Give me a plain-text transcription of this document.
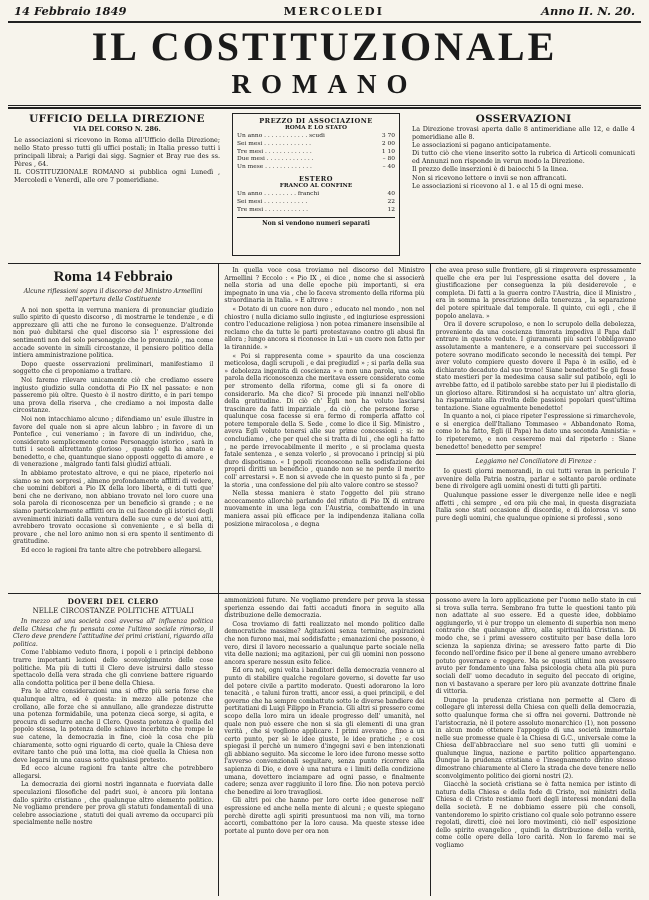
14 Febbraio 1849	MERCOLEDI	Anno II. N. 20.
IL COSTITUZIONALE
ROMANO
UFFICIO DELLA DIREZIONE
VIA DEL CORSO N. 286.

Le associazioni si ricevono in Roma all'Ufficio della Direzione; nello Stato presso tutti gli uffici postali; in Italia presso tutti i principali librai; a Parigi dai sigg. Sagnier et Bray rue des ss. Pères , 64.

IL COSTITUZIONALE ROMANO si pubblica ogni Lunedì , Mercoledì e Venerdì, alle ore 7 pomeridiane.

PREZZO DI ASSOCIAZIONE
ROMA E LO STATO
Un anno . . . . . . . . . . . . scudi	3 70
Sei mesi . . . . . . . . . . . . .	2 00
Tre mesi . . . . . . . . . . . . .	1 10
Due mesi . . . . . . . . . . . . .	– 80
Un mese . . . . . . . . . . . . .	– 40
ESTERO
FRANCO AL CONFINE
Un anno . . . . . . . . . franchi	40
Sei mesi . . . . . . . . . . . .	22
Tre mesi . . . . . . . . . . . .	12
Non si vendono numeri separati
OSSERVAZIONI

La Direzione trovasi aperta dalle 8 antimeridiane alle 12, e dalle 4 pomeridiane alle 8.

Le associazioni si pagano anticipatamente.

Di tutto ciò che viene inserito sotto la rubrica di Articoli comunicati ed Annunzi non risponde in verun modo la Direzione.

Il prezzo delle inserzioni è di baiocchi 5 la linea.

Non si ricevono lettere o invii se non affrancati.

Le associazioni si ricevono al 1. e al 15 di ogni mese.

Roma 14 Febbraio
Alcune riflessioni sopra il discorso del Ministro Armellini nell'apertura della Costituente

A noi non spetta in verruna maniera di pronunciar giudizio sullo spirito di questo discorso , di mostrarne le tendenze , e di apprezzare gli atti che ne furono le conseguenze. D'altronde non può dubitarsi che quel discorso sia l' espressione dei sentimenti non del solo personaggio che lo pronunziò , ma come accade sovente in simili circostanze, il pensiero politico della intiera amministrazione politica.

Dopo queste osservazioni preliminari, manifestiamo il soggetto che ci proponiamo a trattare.

Noi faremo rilevare unicamente ciò che crediamo essere ingiusto giudizio sulla condotta di Pio IX nel passato: e non passeremo più oltre. Questo è il nostro diritto, e in pari tempo una prova della riserva , che crediamo a noi imposta dalle circostanze.

Noi non intacchiamo alcuno ; difendiamo un' esule illustre in favore del quale non si apre alcun labbro ; in favore di un Pontefice , cui veneriamo ; in favore di un individuo, che, considerato semplicemente come Personaggio istorico , sarà in tutti i secoli altrettanto glorioso , quanto egli ha amato e benedetto, e che, quantunque siano opposti oggetto di amore , e di venerazione , malgrado tanti falsi giudizî attuali.

In abbiamo protestato altrove, e qui ne piace, ripeterlo noi siamo se non sorpresi , almeno profondamente afflitti di vedere, che uomini debitori a Pio IX della loro libertà, e di tutti que' beni che ne derivano, non abbiano trovato nel loro cuore una sola parola di riconoscenza per un beneficio sì grande ; e ne siamo particolarmente afflitti ora in cui facendo gli istorici degli avvenimenti iniziati dalla ventura delle sue cure e de' suoi atti, avrebbero trovato occasione sì conveniente , e sì bella di provare , che nel loro animo non si era spento il sentimento di gratitudine.

Ed ecco le ragioni fra tante altre che potrebbero allegarsi.

In quella voce cosa troviamo nel discorso del Ministro Armellini ? Eccolo : « Pio IX , ei dice , nome che si associerà nella storia ad una delle epoche più importanti, si era impegnato in una via , che lo faceva stromento della riforma più straordinaria in Italia. » E altrove :

« Dotato di un cuore non duro , educato nel mondo , non nel chiostro ( nulla diciamo sullo ingiuste , ed ingiuriose espressioni contro l'educazione religiosa ) non potea rimanere insensibile al reclamo che da tutte le parti protestavano contro gli abusi fin allora ; lungo ancora si riconosce in Lui » un cuore non fatto per la tirannide. »

« Poi si rappresenta come » spaurito da una coscienza meticolosa, dagli scrupoli , e dai pregiudizî » ; si parla della sua » debolezza ingenita di coscienza » e non una parola, una sola parola della riconoscenza che meritava essere considerato come per stromento della riforma, come gli si fa onore di considerarlo. Ma che dico? Si procede più innanzi nell'oblio della gratitudine. Di ciò ch' Egli non ha voluto lasciarsi trascinare da fatti imparziale , da ciò , che persone forse , qualunque cosa facesse si era fermo di romperla affatto col potere temporale della S. Sede , come lo dice il Sig. Ministro , aveva Egli voluto tenersi alle sue prime concessioni ; si: ne concludiamo , che per quel che si tratta di lui , che egli ha fatto , ne perde irrevocabilmente il merito , e si proclama questa fatale sentenza , e senza volerlo , si provocano i principj si più duro dispotismo. « I popoli riconoscono nella sodisfazione dei proprii diritti un beneficio , quando non se ne perde il merito coll' arrestarsi ». E non si avvede che in questo punto si fa , per la storia , una confessione del più alto valore contro se stesso?

Nella stessa maniera è stato l'oggetto del più strano accecamento allorchè parlando del rifiuto di Pio IX di entrare nuovamente in una lega con l'Austria, combattendo in una maniera assai più efficace per la indipendenza italiana colla posizione miracolosa , e degna

che avea preso sulle frontiere, gli si rimprovera espressamente quelle che era per lui l'espressione esatta del dovere , la giustificazione per conseguenza la più desiderevole , e completa. Di fatti a la guerra contro l'Austria, dice il Ministro , era in somma la prescrizione della tenerezza , la separazione del potere spirituale dal temporale. Il quinto, cui egli , che il popolo anelava. »

Ora il dovere scrupoloso, e non lo scrupolo della debolezza, proveniente da una coscienza timorata impediva il Papa dall' entrare in queste vedute. I giuramenti più sacri l'obbligavano assolutamente a mantenere, e a conservare pei successori il potere sovrano modificato secondo le necessità dei tempi. Per aver voluto compiere questo dovere il Papa è in esilio, ed è dichiarato decaduto dal suo trono! Siane benedetto! Se gli fosse stato mestieri per la medesima causa salir sul patibolo, egli lo avrebbe fatto, ed il patibolo sarebbe stato per lui il piedistallo di un glorioso altare. Ritirandosi si ha acquistato un' altra gloria, ha risparmiato alla rivolta delle passioni popolari quest'ultima tentazione. Siane egualmente benedetto!

In quanto a noi, ci piace ripeter l'espressione si rimarchevole, e sì energica dell'Italiano Tommaseo « Abbandonato Roma, come lo ha fatto, Egli (il Papa) ha dato una seconda Amnistia: » Io ripeteremo, e non cesseremo mai dal ripeterlo : Siane benedetto! benedetto per sempre!

Leggiamo nel Conciliatore di Firenze :

Io questi giorni memorandi, in cui tutti veran in periculo l' avvenire della Patria nostra, parlar e soltanto parole ordinate bene di rivolgere agli uomini onesti di tutti gli partiti.

Qualunque passione esser le divergenze nelle idee e negli affetti , chi sempre , ed ora più che mai, in questa disgraziata Italia sono stati occasione di discordie, e di dolorosa vi sono pure degli uomini, che qualunque opinione si professi , sono

DOVERI DEL CLERO
NELLE CIRCOSTANZE POLITICHE ATTUALI

In mezzo ad una società così avversa all' influenza politica della Chiesa che fu pensata come l'ultimo sociale rimorso, il Clero deve prendere l'attitudine dei primi cristiani, riguardo alla politica.

Come l'abbiamo veduto finora, i popoli e i principi debbono trarre importanti lezioni dello sconvolgimento delle cose politiche. Ma più di tutti il Clero deve istruirsi dallo stesso spettacolo della vera strada che gli conviene battere riguardo alla condotta politica per il bene della Chiesa.

Fra le altre considerazioni una si offre più seria forse che qualunque altra, ed è questa: in mezzo alle potenze che crollano, alle forze che si annullano, alle grandezze distrutte una potenza formidabile, una potenza cieca sorge, si agita, e procura di sedurre anche il Clero. Questa potenza è quella del popolo stessa, la potenza dello schiavo incerbito che rompe le sue catene, la democrazia in fine, cioè la cosa che più chiaramente, sotto ogni riguardo di certo, quale la Chiesa deve evitare tanto che può una lotta, ma cioè quella la Chiesa non deve legarsi in una causa sotto qualsiasi pretesto.

Ed ecco alcune ragioni fra tante altre che potrebbero allegarsi.

La democrazia dei giorni nostri ingannata e fuorviata dalle speculazioni filosofiche del padri suoi, è ancora più lontana dallo spirito cristiano , che qualunque altro elemento politico. Ne vogliamo prendere per prova gli statuti fondamentali di una celebre associazione , statuti dei quali avremo da occuparci più specialmente nelle nostre

ammonizioni future. Ne vogliamo prendere per prova la stessa sperienza essendo dai fatti accaduti finora in seguito alla distribuzione delle democrazia.

Cosa troviamo di fatti realizzato nel mondo politico dalle democratiche massime? Agitazioni senza termine, aspirazioni che non furono mai, mai soddisfatte ; emanazioni che possono, è vero, dirsi il lavoro necessario a qualunque parte sociale nella vita delle nazioni; ma agitazioni, per cui gli uomini non possono ancora sperare nessun esito felice.

Ed ora noi, ogni volta i banditori della democrazia vennero al punto di stabilire qualche regolare governo, si dovette far uso del potere civile a partito moderato. Questi adorarono la loro tenacità , e taluni furon tratti, ancor essi, a quei principii, e del governo che ha sempre combattuto sotto le diverse bandiere dei pertitatiani di Luigi Filippo in Francia. Gli altri si pressero come scopo della loro mira un ideale progresso dell' umanità, nel quale non può essere che non si sia gli elementi di una gran verità , che si vogliono applicare. I primi avevano , fino a un certo punto, per sè le idee giuste, le idee pratiche ; e così spiegasi il perchè un numero d'ingegni savi e ben intenzionati gli abbiano seguito. Ma siccome le loro idee furono messe sotto l'avverso convenzionali seguitare, senza punto ricorrere alla sapienza di Dio, e dove è una natura e i limiti della condizione umana, dovettero inciampare ad ogni passo, e finalmente cadere; senza aver raggiunto il loro fine. Dio non poteva perciò che benedire ai loro travagliosi.

Gli altri poi che hanno per loro certe idee generose nell' espressione ed anche nella mente di alcuni ; e queste spiegano perchè dirette agli spiriti presuntuosi ma non vili, ma torno accorti, combattono per la loro causa. Ma queste stesse idee portate al punto dove per ora non

possono avere la loro applicazione per l'uomo nello stato in cui si trova sulla terra. Sembrano fra tutte le questioni tanto più non adattate al suo essere. Ed a queste idee, dobbiamo aggiungerlo, vi è pur troppo un elemento di superbia non meno contrario che qualunque altro, alla spiritualità Cristiana. Di modo che, se i primi avessero costituito per base della loro scienza la sapienza divina; se avessero fatto parte di Dio fecondo nell'ordine fisico per il bene al genere umano avrebbero potuto governare e reggere. Ma se questi ultimi non avessero avuto per fondamento una falsa psicologia cheta alla più pura sociali dell' uomo decaduto in seguito del peccato di origine, non vi bastavano a sperare per loro più avanzate dottrine finale di vittoria.

Dunque la prudenza cristiana non permette al Clero di collegare gli interessi della Chiesa con quelli della democrazia, sotto qualunque forma che si offra nei governi. Dattronde nè l'aristocrazia, nè il potere assoluto monarchico (1), non possono in alcun modo ottenere l'appoggio di una società immortale nelle sue promesse quale è la Chiesa di G.C., universale come la Chiesa dell'abbracciare nel suo seno tutti gli uomini e qualunque lingua, nazione e partito politico appartengano. Dunque la prudenza cristiana e l'insegnamento divino stesso dimostrano chiaramente al Clero la strada che deve tenere nello sconvolgimento politico dei giorni nostri (2).

Giacchè la società cristiana se è fatta nemica per istinto di natura della Chiesa e della fede di Cristo, noi ministri della Chiesa e di Cristo restiamo fuori degli interessi mondani della della società. E ne dobbiamo essere più che consoli, vantendoremo lo spirito cristiano col quale solo potranno essere regolati, diretti, cioè nei loro movimenti, ciò nell' esposizione dello spirito evangelico , quindi la distribuzione della verità, come colle opere della loro carità. Non lo faremo mai se vogliamo
